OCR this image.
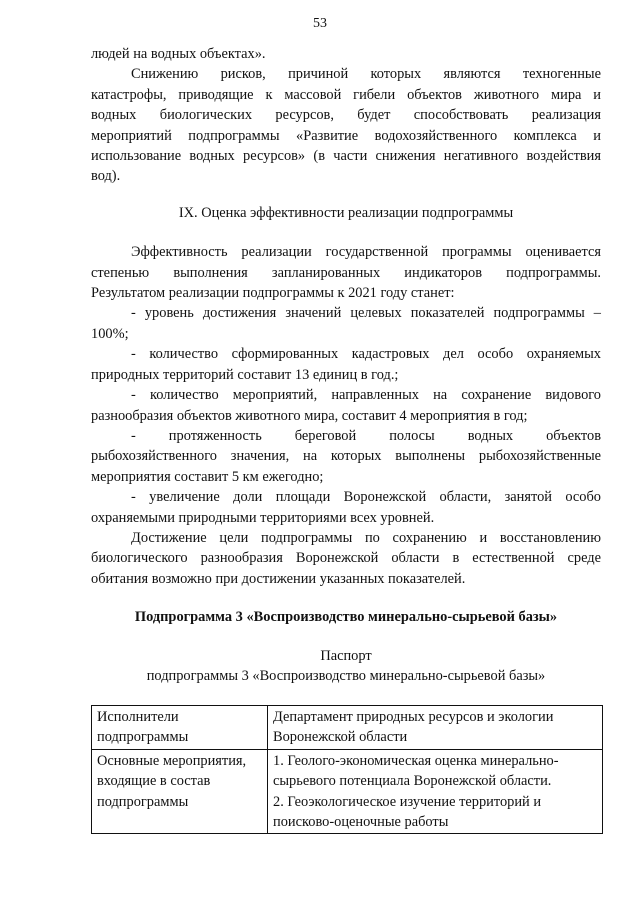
53

людей на водных объектах».

Снижению рисков, причиной которых являются техногенные
катастрофы, приводящие к массовой гибели объектов животного мира и
водных биологических ресурсов, будет способствовать реализация
мероприятий подпрограммы «Развитие водохозяйственного комплекса и
использование водных ресурсов» (в части снижения негативного воздействия
вод).

IX. Оценка эффективности реализации подпрограммы

Эффективность реализации государственной программы оценивается
степенью выполнения запланированных индикаторов подпрограммы.
Результатом реализации подпрограммы к 2021 году станет:

- уровень достижения значений целевых показателей подпрограммы –
100%;

- количество сформированных кадастровых дел особо охраняемых
природных территорий составит 13 единиц в год.;

- количество мероприятий, направленных на сохранение видового
разнообразия объектов животного мира, составит 4 мероприятия в год;

- протяженность береговой полосы водных объектов
рыбохозяйственного значения, на которых выполнены рыбохозяйственные
мероприятия составит 5 км ежегодно;

- увеличение доли площади Воронежской области, занятой особо
охраняемыми природными территориями всех уровней.

Достижение цели подпрограммы по сохранению и восстановлению
биологического разнообразия Воронежской области в естественной среде
обитания возможно при достижении указанных показателей.

Подпрограмма 3 «Воспроизводство минерально-сырьевой базы»
Паспорт
подпрограммы 3 «Воспроизводство минерально-сырьевой базы»
Исполнители
подпрограммы	Департамент природных ресурсов и экологии
Воронежской области

Основные мероприятия,
входящие в состав
подпрограммы	1. Геолого-экономическая оценка минерально-
сырьевого потенциала Воронежской области.
2. Геоэкологическое изучение территорий и
поисково-оценочные работы
